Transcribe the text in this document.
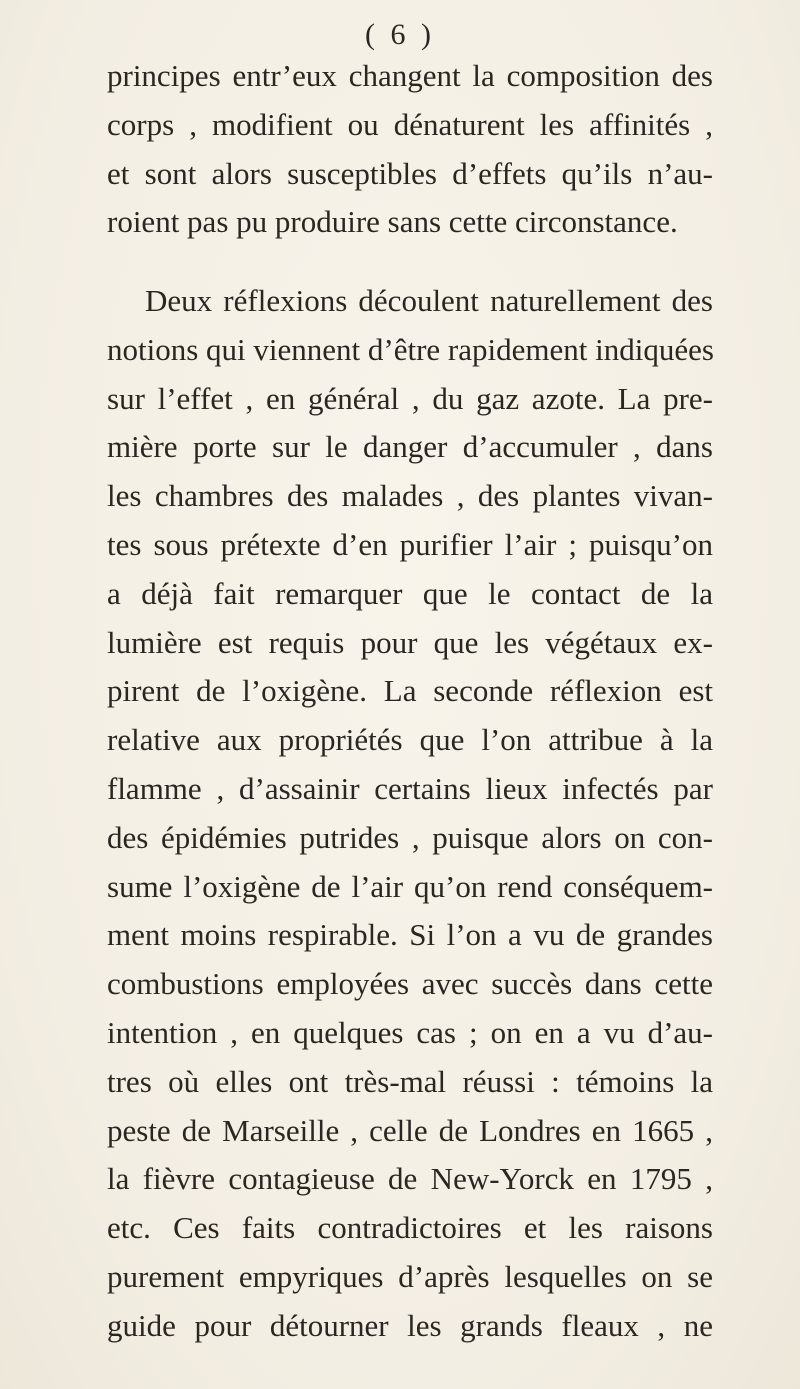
( 6 )
principes entr’eux changent la composition des
corps , modifient ou dénaturent les affinités ,
et sont alors susceptibles d’effets qu’ils n’au-
roient pas pu produire sans cette circonstance.
Deux réflexions découlent naturellement des
notions qui viennent d’être rapidement indiquées
sur l’effet , en général , du gaz azote. La pre-
mière porte sur le danger d’accumuler , dans
les chambres des malades , des plantes vivan-
tes sous prétexte d’en purifier l’air ; puisqu’on
a déjà fait remarquer que le contact de la
lumière est requis pour que les végétaux ex-
pirent de l’oxigène. La seconde réflexion est
relative aux propriétés que l’on attribue à la
flamme , d’assainir certains lieux infectés par
des épidémies putrides , puisque alors on con-
sume l’oxigène de l’air qu’on rend conséquem-
ment moins respirable. Si l’on a vu de grandes
combustions employées avec succès dans cette
intention , en quelques cas ; on en a vu d’au-
tres où elles ont très-mal réussi : témoins la
peste de Marseille , celle de Londres en 1665 ,
la fièvre contagieuse de New-Yorck en 1795 ,
etc. Ces faits contradictoires et les raisons
purement empyriques d’après lesquelles on se
guide pour détourner les grands fleaux , ne
